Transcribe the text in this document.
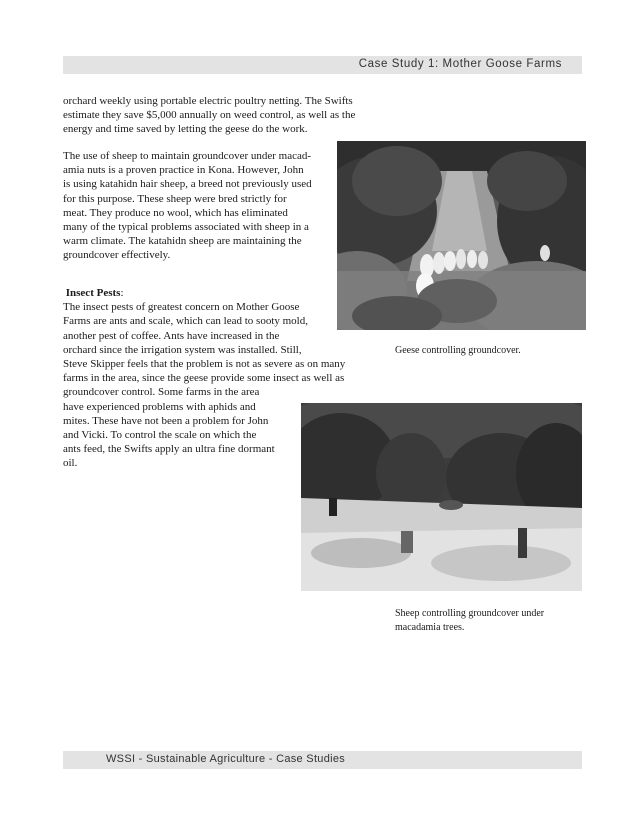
Case Study 1: Mother Goose Farms
orchard weekly using portable electric poultry netting. The Swifts
estimate they save $5,000 annually on weed control, as well as the
energy and time saved by letting the geese do the work.
The use of sheep to maintain groundcover under macad-
amia nuts is a proven practice in Kona. However, John
is using katahidn hair sheep, a breed not previously used
for this purpose. These sheep were bred strictly for
meat. They produce no wool, which has eliminated
many of the typical problems associated with sheep in a
warm climate. The katahidn sheep are maintaining the
groundcover effectively.
Insect Pests:
The insect pests of greatest concern on Mother Goose
Farms are ants and scale, which can lead to sooty mold,
another pest of coffee. Ants have increased in the
orchard since the irrigation system was installed. Still,
Steve Skipper feels that the problem is not as severe as on many
farms in the area, since the geese provide some insect as well as
groundcover control. Some farms in the area
have experienced problems with aphids and
mites. These have not been a problem for John
and Vicki. To control the scale on which the
ants feed, the Swifts apply an ultra fine dormant
oil.
Geese controlling groundcover.
Sheep controlling groundcover under
macadamia trees.
WSSI - Sustainable Agriculture - Case Studies
